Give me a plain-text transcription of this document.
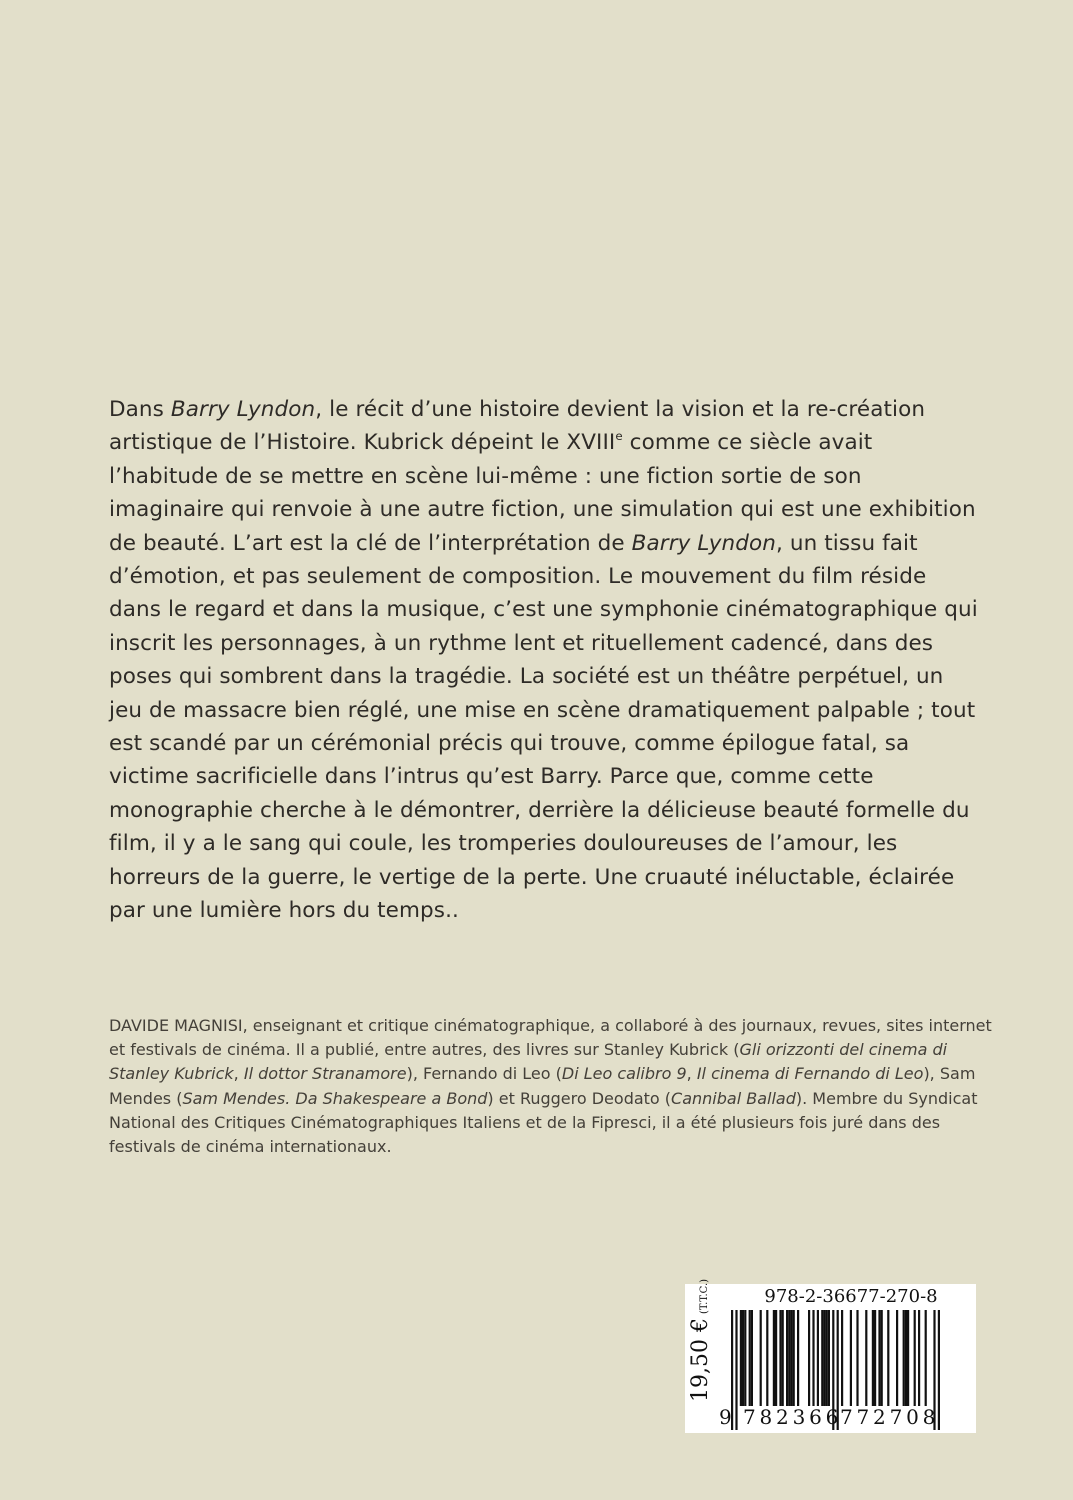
Dans Barry Lyndon, le récit d’une histoire devient la vision et la re-création artistique de l’Histoire. Kubrick dépeint le XVIIIe comme ce siècle avait l’habitude de se mettre en scène lui-même : une fiction sortie de son imaginaire qui renvoie à une autre fiction, une simulation qui est une exhibition de beauté. L’art est la clé de l’interprétation de Barry Lyndon, un tissu fait d’émotion, et pas seulement de composition. Le mouvement du film réside dans le regard et dans la musique, c’est une symphonie cinématographique qui inscrit les personnages, à un rythme lent et rituellement cadencé, dans des poses qui sombrent dans la tragédie. La société est un théâtre perpétuel, un jeu de massacre bien réglé, une mise en scène dramatiquement palpable ; tout est scandé par un cérémonial précis qui trouve, comme épilogue fatal, sa victime sacrificielle dans l’intrus qu’est Barry. Parce que, comme cette monographie cherche à le démontrer, derrière la délicieuse beauté formelle du film, il y a le sang qui coule, les tromperies douloureuses de l’amour, les horreurs de la guerre, le vertige de la perte. Une cruauté inéluctable, éclairée par une lumière hors du temps..

DAVIDE MAGNISI, enseignant et critique cinématographique, a collaboré à des journaux, revues, sites internet et festivals de cinéma. Il a publié, entre autres, des livres sur Stanley Kubrick (Gli orizzonti del cinema di Stanley Kubrick, Il dottor Stranamore), Fernando di Leo (Di Leo calibro 9, Il cinema di Fernando di Leo), Sam Mendes (Sam Mendes. Da Shakespeare a Bond) et Ruggero Deodato (Cannibal Ballad). Membre du Syndicat National des Critiques Cinématographiques Italiens et de la Fipresci, il a été plusieurs fois juré dans des festivals de cinéma internationaux.

19,50 €(T.T.C.)	978-2-36677-270-8
9 782366
772708
